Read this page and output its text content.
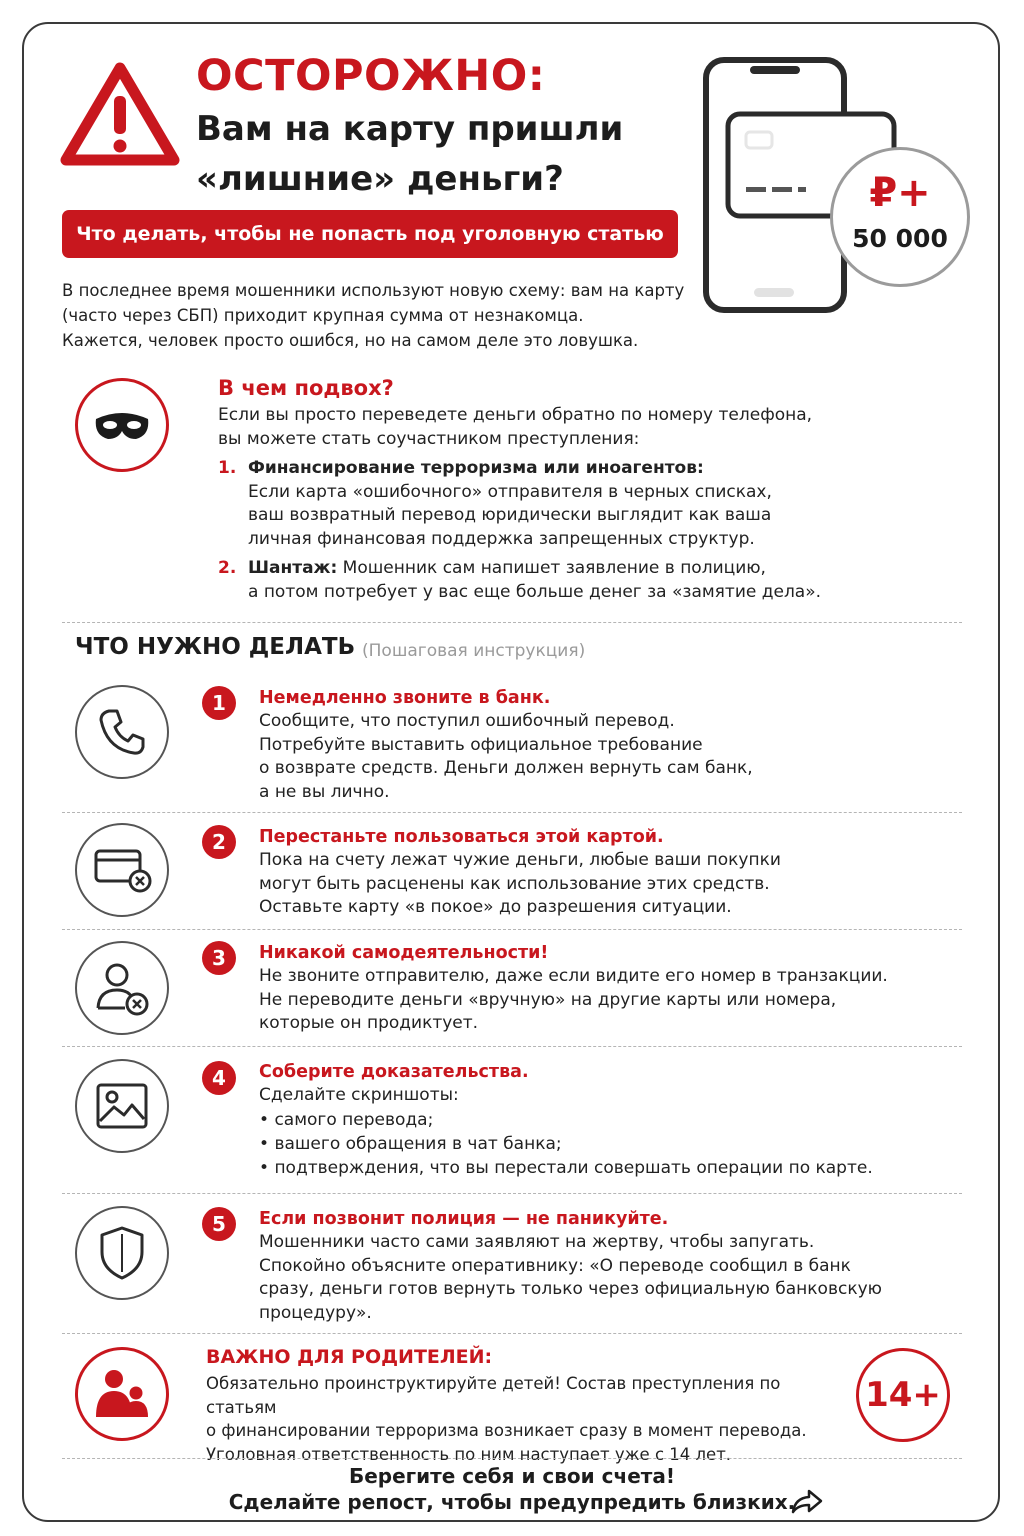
ОСТОРОЖНО:
Вам на карту пришли
«лишние» деньги?
Что делать, чтобы не попасть под уголовную статью
₽+
50 000
В последнее время мошенники используют новую схему: вам на карту
(часто через СБП) приходит крупная сумма от незнакомца.
Кажется, человек просто ошибся, но на самом деле это ловушка.
В чем подвох?
Если вы просто переведете деньги обратно по номеру телефона,
вы можете стать соучастником преступления:
1. Финансирование терроризма или иноагентов:
Если карта «ошибочного» отправителя в черных списках,
ваш возвратный перевод юридически выглядит как ваша
личная финансовая поддержка запрещенных структур.
2. Шантаж: Мошенник сам напишет заявление в полицию,
а потом потребует у вас еще больше денег за «замятие дела».
ЧТО НУЖНО ДЕЛАТЬ (Пошаговая инструкция)
1	Немедленно звоните в банк.
Сообщите, что поступил ошибочный перевод.
Потребуйте выставить официальное требование
о возврате средств. Деньги должен вернуть сам банк,
а не вы лично.
2	Перестаньте пользоваться этой картой.
Пока на счету лежат чужие деньги, любые ваши покупки
могут быть расценены как использование этих средств.
Оставьте карту «в покое» до разрешения ситуации.
3	Никакой самодеятельности!
Не звоните отправителю, даже если видите его номер в транзакции.
Не переводите деньги «вручную» на другие карты или номера,
которые он продиктует.
4	Соберите доказательства.
Сделайте скриншоты:
• самого перевода;
• вашего обращения в чат банка;
• подтверждения, что вы перестали совершать операции по карте.
5	Если позвонит полиция — не паникуйте.
Мошенники часто сами заявляют на жертву, чтобы запугать.
Спокойно объясните оперативнику: «О переводе сообщил в банк
сразу, деньги готов вернуть только через официальную банковскую
процедуру».
ВАЖНО ДЛЯ РОДИТЕЛЕЙ:
Обязательно проинструктируйте детей! Состав преступления по статьям
о финансировании терроризма возникает сразу в момент перевода.
Уголовная ответственность по ним наступает уже с 14 лет.
14+
Берегите себя и свои счета!
Сделайте репост, чтобы предупредить близких.
